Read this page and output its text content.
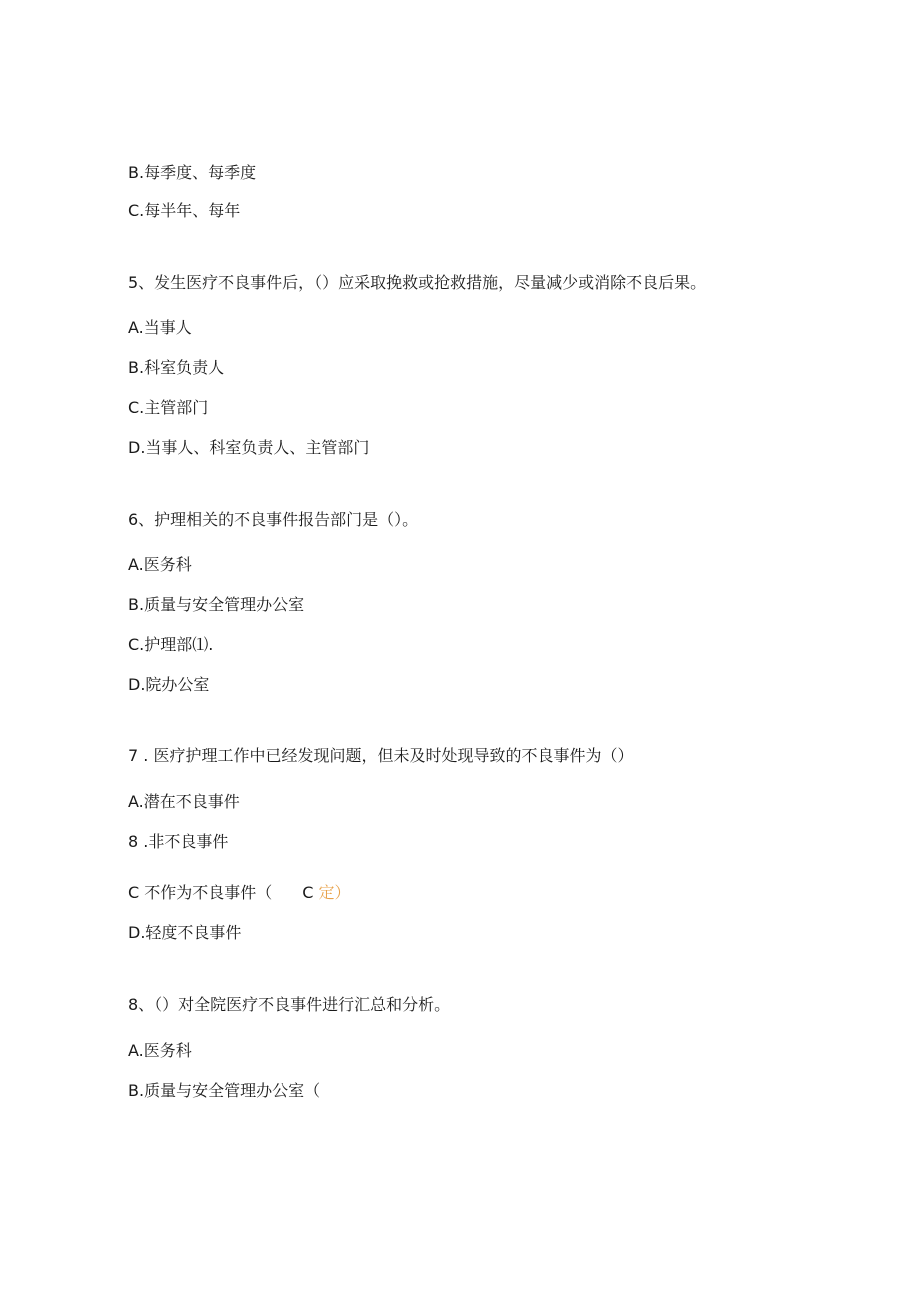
B.每季度、每季度
C.每半年、每年
5、发生医疗不良事件后，（）应采取挽救或抢救措施，尽量减少或消除不良后果。
A.当事人
B.科室负责人
C.主管部门
D.当事人、科室负责人、主管部门
6、护理相关的不良事件报告部门是（）。
A.医务科
B.质量与安全管理办公室
C.护理部⑴.
D.院办公室
7 . 医疗护理工作中已经发现问题，但未及时处现导致的不良事件为（）
A.潜在不良事件
8 .非不良事件
C 不作为不良事件（ C 定）
D.轻度不良事件
8、（）对全院医疗不良事件进行汇总和分析。
A.医务科
B.质量与安全管理办公室（
